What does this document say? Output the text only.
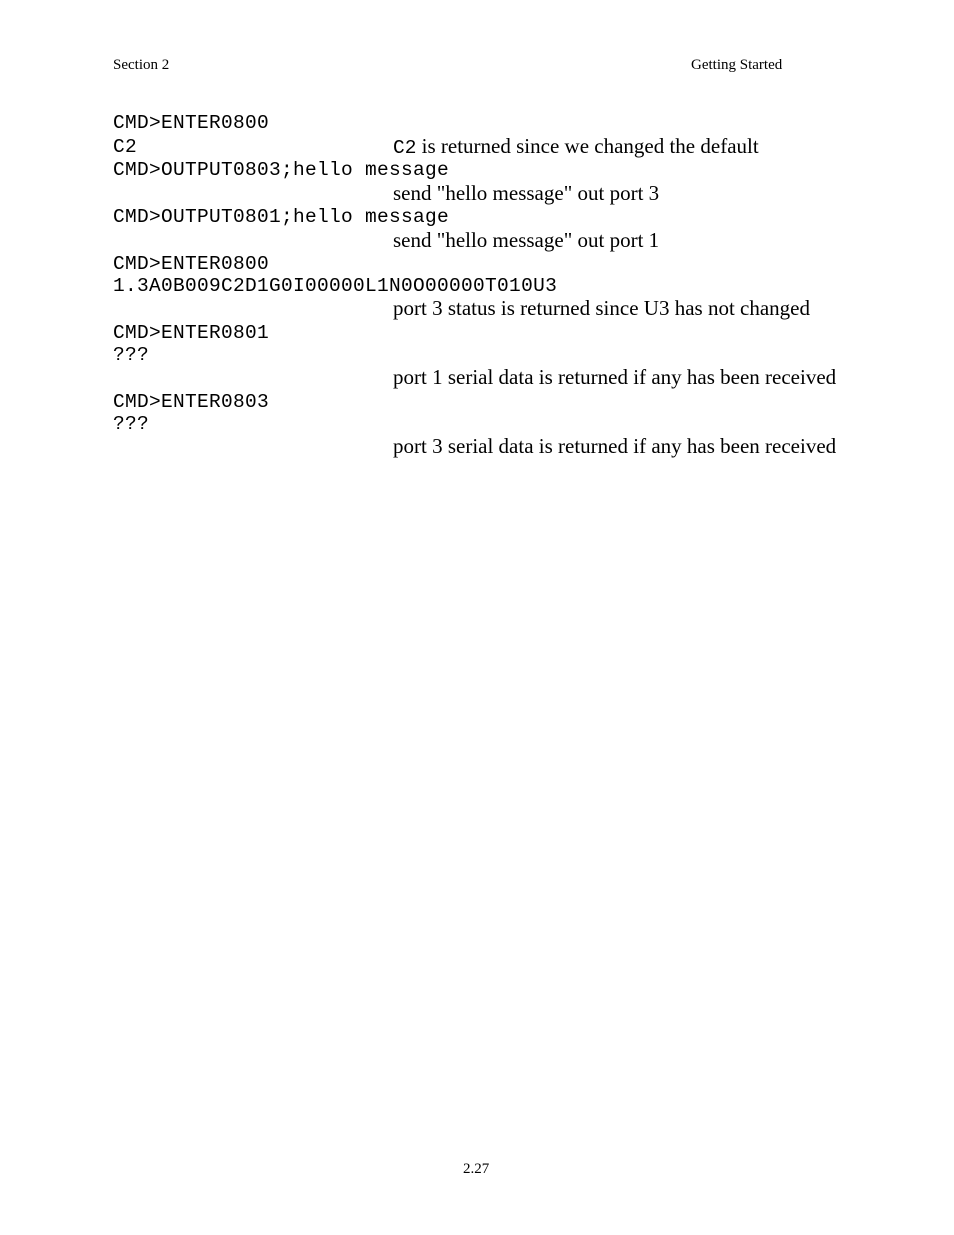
Section 2	Getting Started
CMD>ENTER0800
C2	C2 is returned since we changed the default
CMD>OUTPUT0803;hello message
send "hello message" out port 3
CMD>OUTPUT0801;hello message
send "hello message" out port 1
CMD>ENTER0800
1.3A0B009C2D1G0I00000L1N0O00000T010U3
port 3 status is returned since U3 has not changed
CMD>ENTER0801
???
port 1 serial data is returned if any has been received
CMD>ENTER0803
???
port 3 serial data is returned if any has been received
2.27
